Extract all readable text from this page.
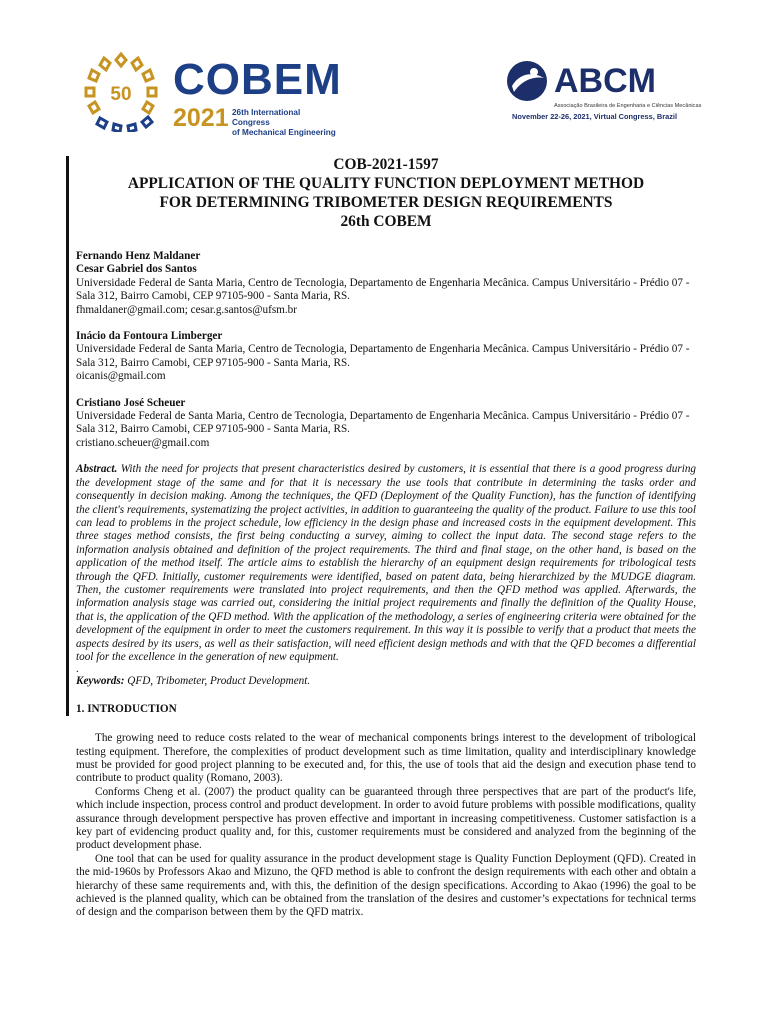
50 COBEM
2021 26th International Congress
of Mechanical Engineering
ABCM
Associação Brasileira de Engenharia e Ciências Mecânicas
November 22-26, 2021, Virtual Congress, Brazil
COB-2021-1597
APPLICATION OF THE QUALITY FUNCTION DEPLOYMENT METHOD
FOR DETERMINING TRIBOMETER DESIGN REQUIREMENTS
26th COBEM
Fernando Henz Maldaner
Cesar Gabriel dos Santos
Universidade Federal de Santa Maria, Centro de Tecnologia, Departamento de Engenharia Mecânica. Campus Universitário - Prédio 07 - Sala 312, Bairro Camobi, CEP 97105-900 - Santa Maria, RS.
fhmaldaner@gmail.com; cesar.g.santos@ufsm.br
Inácio da Fontoura Limberger
Universidade Federal de Santa Maria, Centro de Tecnologia, Departamento de Engenharia Mecânica. Campus Universitário - Prédio 07 - Sala 312, Bairro Camobi, CEP 97105-900 - Santa Maria, RS.
oicanis@gmail.com
Cristiano José Scheuer
Universidade Federal de Santa Maria, Centro de Tecnologia, Departamento de Engenharia Mecânica. Campus Universitário - Prédio 07 - Sala 312, Bairro Camobi, CEP 97105-900 - Santa Maria, RS.
cristiano.scheuer@gmail.com
Abstract. With the need for projects that present characteristics desired by customers, it is essential that there is a good progress during the development stage of the same and for that it is necessary the use tools that contribute in determining the tasks order and consequently in decision making. Among the techniques, the QFD (Deployment of the Quality Function), has the function of identifying the client's requirements, systematizing the project activities, in addition to guaranteeing the quality of the product. Failure to use this tool can lead to problems in the project schedule, low efficiency in the design phase and increased costs in the equipment development. This three stages method consists, the first being conducting a survey, aiming to collect the input data. The second stage refers to the information analysis obtained and definition of the project requirements. The third and final stage, on the other hand, is based on the application of the method itself. The article aims to establish the hierarchy of an equipment design requirements for tribological tests through the QFD. Initially, customer requirements were identified, based on patent data, being hierarchized by the MUDGE diagram. Then, the customer requirements were translated into project requirements, and then the QFD method was applied. Afterwards, the information analysis stage was carried out, considering the initial project requirements and finally the definition of the Quality House, that is, the application of the QFD method. With the application of the methodology, a series of engineering criteria were obtained for the development of the equipment in order to meet the customers requirement. In this way it is possible to verify that a product that meets the aspects desired by its users, as well as their satisfaction, will need efficient design methods and with that the QFD becomes a differential tool for the excellence in the generation of new equipment.
.
Keywords: QFD, Tribometer, Product Development.
1. INTRODUCTION

The growing need to reduce costs related to the wear of mechanical components brings interest to the development of tribological testing equipment. Therefore, the complexities of product development such as time limitation, quality and interdisciplinary knowledge must be provided for good project planning to be executed and, for this, the use of tools that aid the design and execution phase tend to contribute to product quality (Romano, 2003).

Conforms Cheng et al. (2007) the product quality can be guaranteed through three perspectives that are part of the product's life, which include inspection, process control and product development. In order to avoid future problems with possible modifications, quality assurance through development perspective has proven effective and important in increasing competitiveness. Customer satisfaction is a key part of evidencing product quality and, for this, customer requirements must be considered and analyzed from the beginning of the product development phase.

One tool that can be used for quality assurance in the product development stage is Quality Function Deployment (QFD). Created in the mid-1960s by Professors Akao and Mizuno, the QFD method is able to confront the design requirements with each other and obtain a hierarchy of these same requirements and, with this, the definition of the design specifications. According to Akao (1996) the goal to be achieved is the planned quality, which can be obtained from the translation of the desires and customer’s expectations for technical terms of design and the comparison between them by the QFD matrix.
